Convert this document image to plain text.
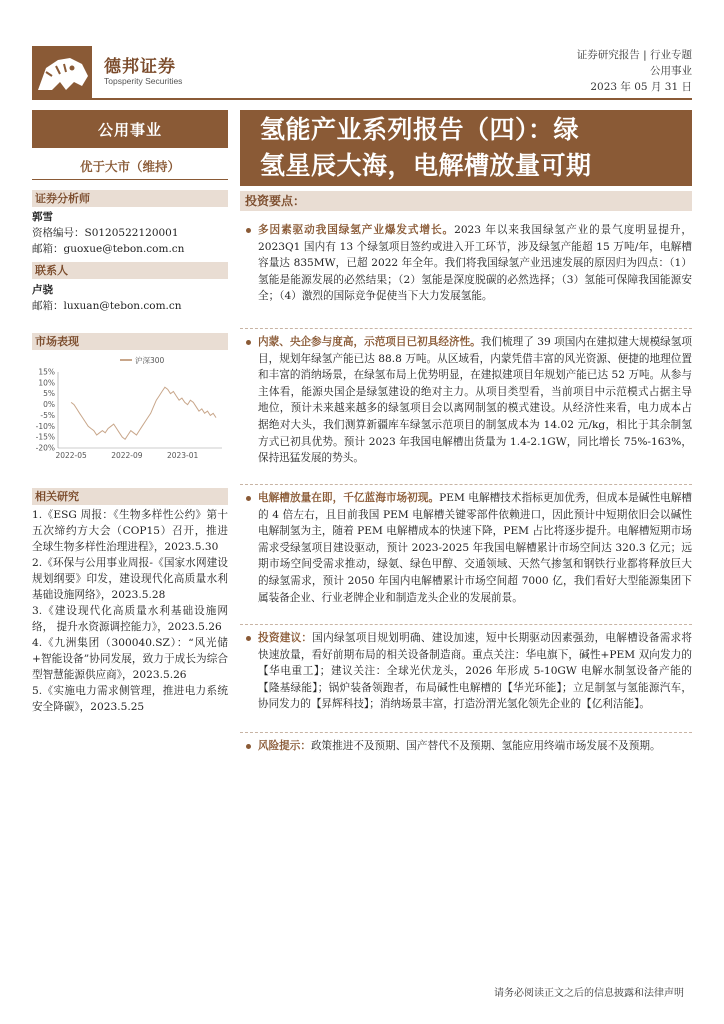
德邦证券
Topsperity Securities
证券研究报告 | 行业专题
公用事业
2023 年 05 月 31 日
公用事业
优于大市（维持）
证券分析师
郭雪
资格编号：S0120522120001
邮箱：guoxue@tebon.com.cn
联系人
卢骁
邮箱：luxuan@tebon.com.cn
市场表现
15%
10%
5%
0%
-5%
-10%
-15%
-20%
2022-05	2022-09	2023-01
沪深300
相关研究

1.《ESG 周报：《生物多样性公约》第十五次缔约方大会（COP15）召开，推进全球生物多样性治理进程》，2023.5.30

2.《环保与公用事业周报-《国家水网建设规划纲要》印发，建设现代化高质量水利基础设施网络》，2023.5.28

3.《建设现代化高质量水利基础设施网络， 提升水资源调控能力》，2023.5.26

4.《九洲集团（300040.SZ）：“风光储+智能设备”协同发展，致力于成长为综合型智慧能源供应商》，2023.5.26

5.《实施电力需求侧管理，推进电力系统安全降碳》，2023.5.25

氢能产业系列报告（四）：绿
氢星辰大海，电解槽放量可期
投资要点：
多因素驱动我国绿氢产业爆发式增长。2023 年以来我国绿氢产业的景气度明显提升，2023Q1 国内有 13 个绿氢项目签约或进入开工环节，涉及绿氢产能超 15 万吨/年，电解槽容量达 835MW，已超 2022 年全年。我们将我国绿氢产业迅速发展的原因归为四点：（1）氢能是能源发展的必然结果；（2）氢能是深度脱碳的必然选择；（3）氢能可保障我国能源安全；（4）激烈的国际竞争促使当下大力发展氢能。
内蒙、央企参与度高，示范项目已初具经济性。我们梳理了 39 项国内在建拟建大规模绿氢项目，规划年绿氢产能已达 88.8 万吨。从区域看，内蒙凭借丰富的风光资源、便捷的地理位置和丰富的消纳场景，在绿氢布局上优势明显，在建拟建项目年规划产能已达 52 万吨。从参与主体看，能源央国企是绿氢建设的绝对主力。从项目类型看，当前项目中示范模式占据主导地位，预计未来越来越多的绿氢项目会以离网制氢的模式建设。从经济性来看，电力成本占据绝对大头，我们测算新疆库车绿氢示范项目的制氢成本为 14.02 元/kg，相比于其余制氢方式已初具优势。预计 2023 年我国电解槽出货量为 1.4-2.1GW，同比增长 75%-163%，保持迅猛发展的势头。
电解槽放量在即，千亿蓝海市场初现。PEM 电解槽技术指标更加优秀，但成本是碱性电解槽的 4 倍左右，且目前我国 PEM 电解槽关键零部件依赖进口，因此预计中短期依旧会以碱性电解制氢为主，随着 PEM 电解槽成本的快速下降，PEM 占比将逐步提升。电解槽短期市场需求受绿氢项目建设驱动，预计 2023-2025 年我国电解槽累计市场空间达 320.3 亿元；远期市场空间受需求推动，绿氨、绿色甲醇、交通领域、天然气掺氢和钢铁行业都将释放巨大的绿氢需求，预计 2050 年国内电解槽累计市场空间超 7000 亿，我们看好大型能源集团下属装备企业、行业老牌企业和制造龙头企业的发展前景。
投资建议：国内绿氢项目规划明确、建设加速，短中长期驱动因素强劲，电解槽设备需求将快速放量，看好前期布局的相关设备制造商。重点关注：华电旗下，碱性+PEM 双向发力的【华电重工】；建议关注：全球光伏龙头，2026 年形成 5-10GW 电解水制氢设备产能的【隆基绿能】；锅炉装备领跑者，布局碱性电解槽的【华光环能】；立足制氢与氢能源汽车，协同发力的【昇辉科技】；消纳场景丰富，打造汾渭光氢化领先企业的【亿利洁能】。
风险提示：政策推进不及预期、国产替代不及预期、氢能应用终端市场发展不及预期。
请务必阅读正文之后的信息披露和法律声明
